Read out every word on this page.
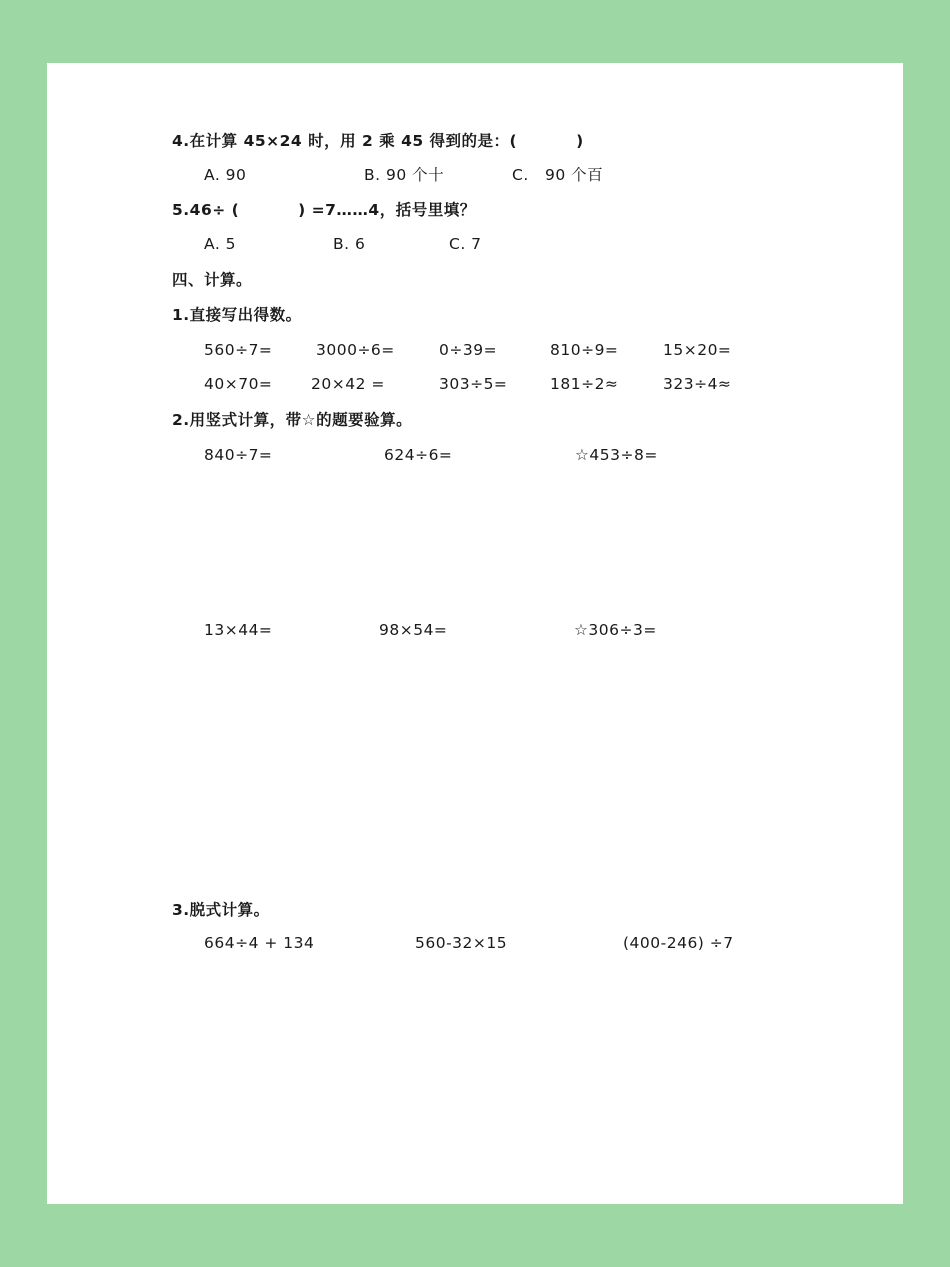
4.在计算 45×24 时，用 2 乘 45 得到的是：(          )
A. 90	B. 90 个十	C.   90 个百
5.46÷ (          ) =7……4，括号里填？
A. 5	B. 6	C. 7
四、计算。
1.直接写出得数。
560÷7=	3000÷6=	0÷39=	810÷9=	15×20=
40×70= 20×42 =	303÷5=	181÷2≈	323÷4≈
2.用竖式计算，带☆的题要验算。
840÷7=	624÷6=	☆453÷8=
13×44=	98×54=	☆306÷3=
3.脱式计算。
664÷4 + 134	560-32×15	(400-246) ÷7
